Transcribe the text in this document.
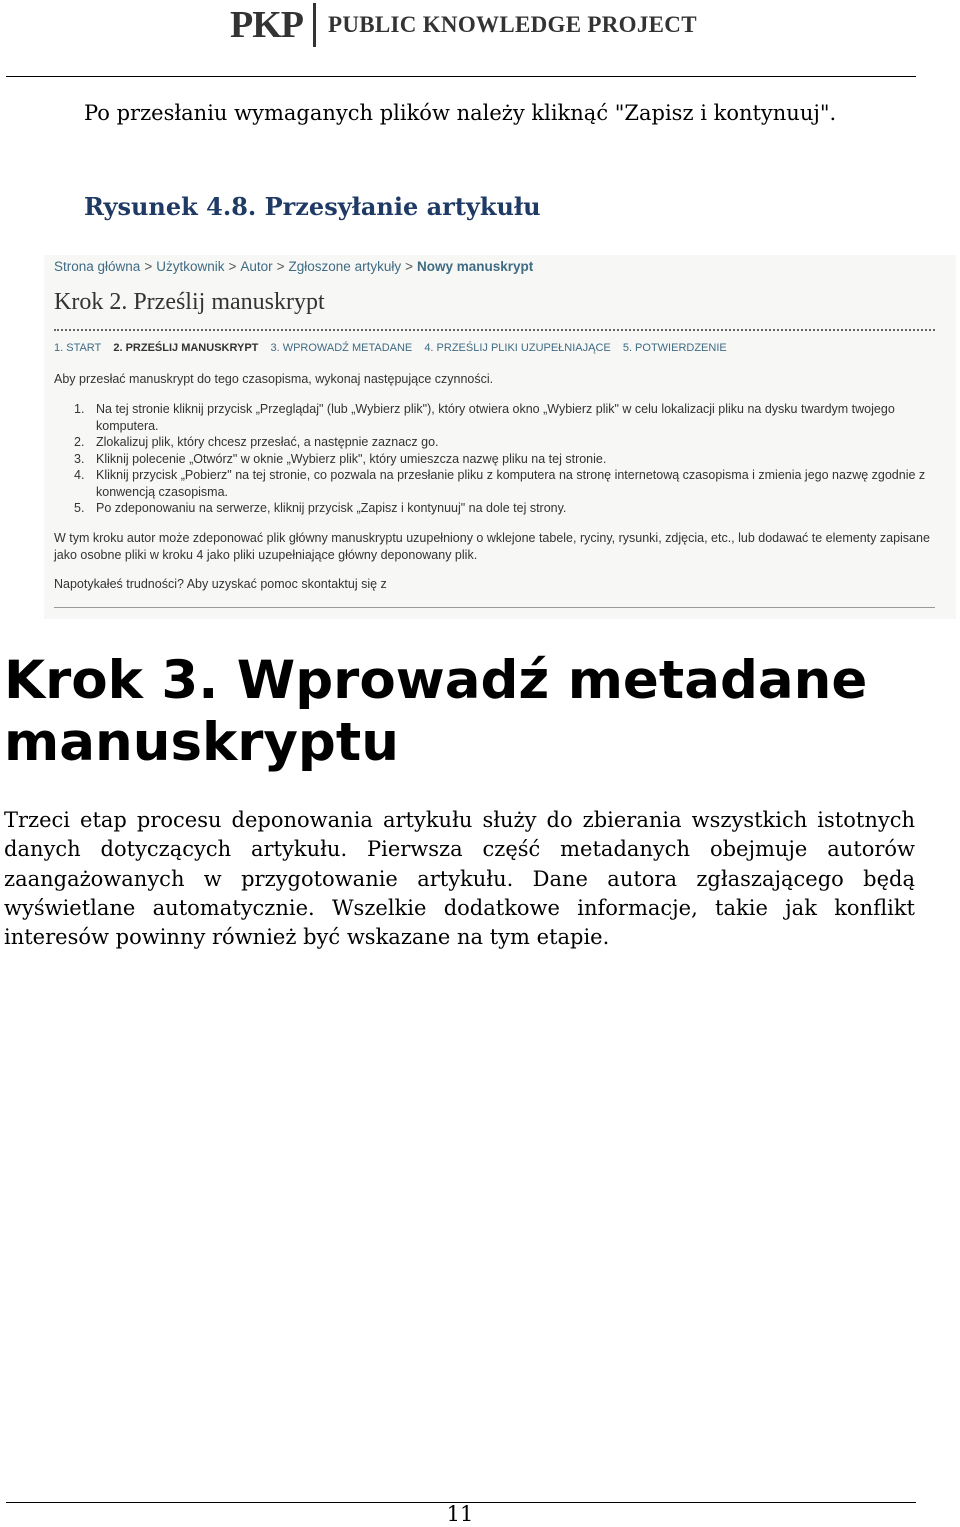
PKP PUBLIC KNOWLEDGE PROJECT

Po przesłaniu wymaganych plików należy kliknąć "Zapisz i kontynuuj".

Rysunek 4.8. Przesyłanie artykułu
Strona główna > Użytkownik > Autor > Zgłoszone artykuły > Nowy manuskrypt
Krok 2. Prześlij manuskrypt
1. START 2. PRZEŚLIJ MANUSKRYPT 3. WPROWADŹ METADANE 4. PRZEŚLIJ PLIKI UZUPEŁNIAJĄCE 5. POTWIERDZENIE
Aby przesłać manuskrypt do tego czasopisma, wykonaj następujące czynności.
1. Na tej stronie kliknij przycisk „Przeglądaj" (lub „Wybierz plik"), który otwiera okno „Wybierz plik" w celu lokalizacji pliku na dysku twardym twojego komputera.
2. Zlokalizuj plik, który chcesz przesłać, a następnie zaznacz go.
3. Kliknij polecenie „Otwórz" w oknie „Wybierz plik", który umieszcza nazwę pliku na tej stronie.
4. Kliknij przycisk „Pobierz" na tej stronie, co pozwala na przesłanie pliku z komputera na stronę internetową czasopisma i zmienia jego nazwę zgodnie z konwencją czasopisma.
5. Po zdeponowaniu na serwerze, kliknij przycisk „Zapisz i kontynuuj" na dole tej strony.
W tym kroku autor może zdeponować plik główny manuskryptu uzupełniony o wklejone tabele, ryciny, rysunki, zdjęcia, etc., lub dodawać te elementy zapisane jako osobne pliki w kroku 4 jako pliki uzupełniające główny deponowany plik.
Napotykałeś trudności? Aby uzyskać pomoc skontaktuj się z
Krok 3. Wprowadź metadane manuskryptu

Trzeci etap procesu deponowania artykułu służy do zbierania wszystkich istotnych danych dotyczących artykułu. Pierwsza część metadanych obejmuje autorów zaangażowanych w przygotowanie artykułu. Dane autora zgłaszającego będą wyświetlane automatycznie. Wszelkie dodatkowe informacje, takie jak konflikt interesów powinny również być wskazane na tym etapie.

11
